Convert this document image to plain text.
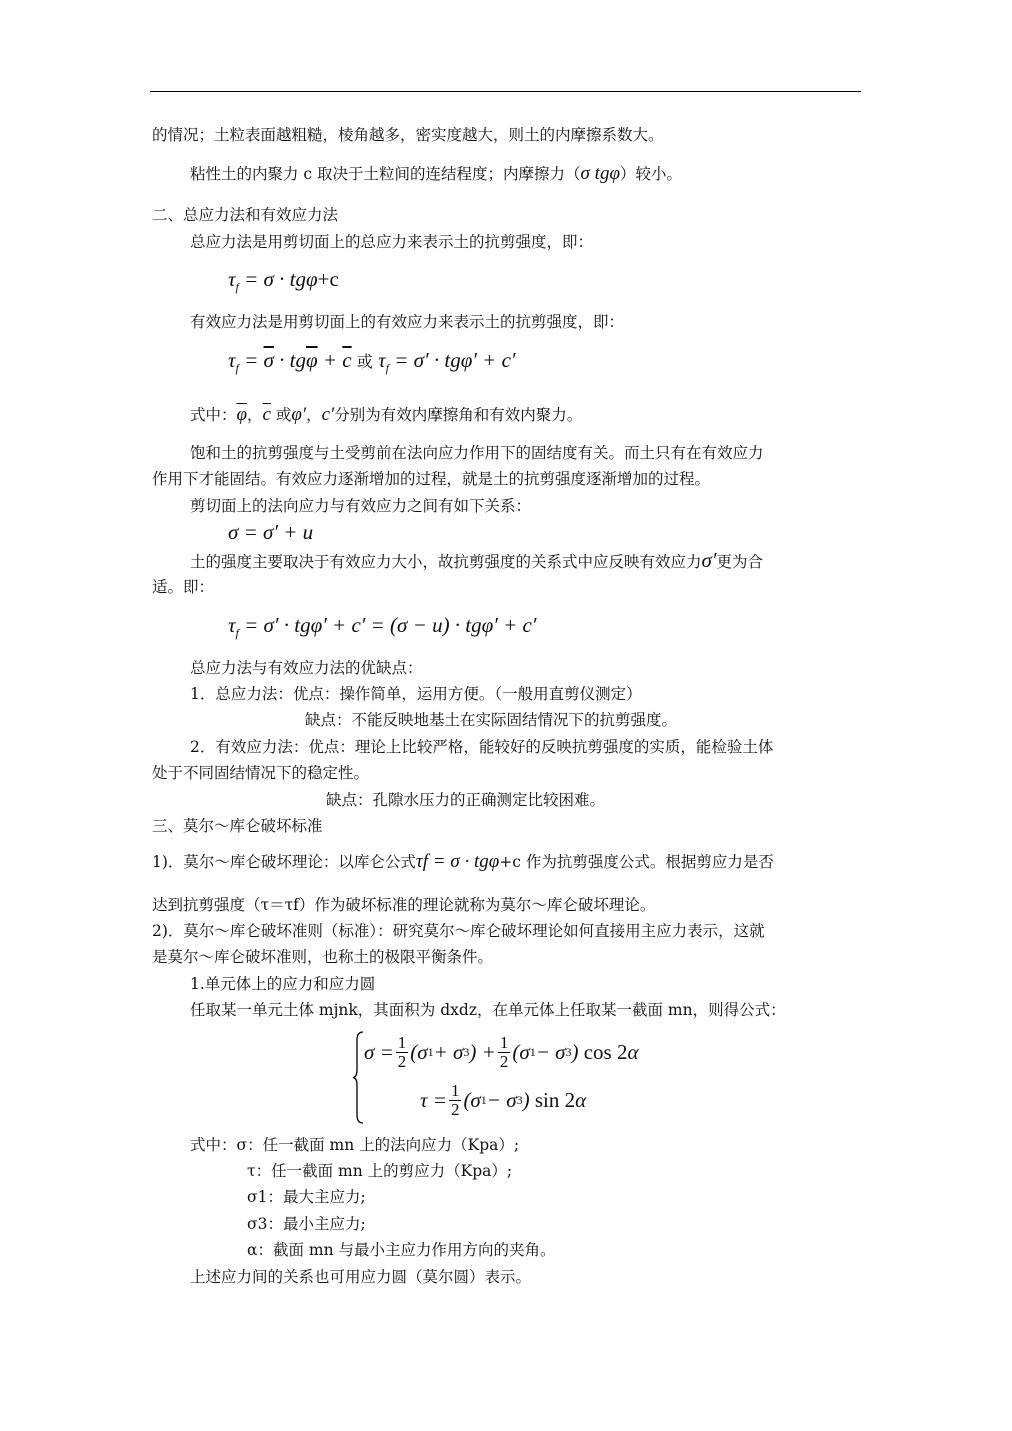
的情况；土粒表面越粗糙，棱角越多，密实度越大，则土的内摩擦系数大。
粘性土的内聚力 c 取决于土粒间的连结程度；内摩擦力（σ tgφ）较小。
二、总应力法和有效应力法
总应力法是用剪切面上的总应力来表示土的抗剪强度，即：
$\tau_f = \sigma \cdot tg\varphi+c$
有效应力法是用剪切面上的有效应力来表示土的抗剪强度，即：
$\tau_f = \overline{\sigma} \cdot tg\overline{\varphi} + \overline{c}$ 或 $\tau_f = \sigma' \cdot tg\varphi' + c'$
式中：$\overline{\varphi}$，$\overline{c}$ 或φ′，c′分别为有效内摩擦角和有效内聚力。
饱和土的抗剪强度与土受剪前在法向应力作用下的固结度有关。而土只有在有效应力
作用下才能固结。有效应力逐渐增加的过程，就是土的抗剪强度逐渐增加的过程。
剪切面上的法向应力与有效应力之间有如下关系：
σ = σ′ + u
土的强度主要取决于有效应力大小，故抗剪强度的关系式中应反映有效应力σ′更为合
适。即：
$\tau_f = \sigma' \cdot tg\varphi' + c' = (\sigma - u) \cdot tg\varphi' + c'$
总应力法与有效应力法的优缺点：
1．总应力法：优点：操作简单，运用方便。（一般用直剪仪测定）
缺点：不能反映地基土在实际固结情况下的抗剪强度。
2．有效应力法：优点：理论上比较严格，能较好的反映抗剪强度的实质，能检验土体
处于不同固结情况下的稳定性。
缺点：孔隙水压力的正确测定比较困难。
三、莫尔～库仑破坏标准
1)．莫尔～库仑破坏理论：以库仑公式τf = σ · tgφ+c 作为抗剪强度公式。根据剪应力是否
达到抗剪强度（τ＝τf）作为破坏标准的理论就称为莫尔～库仑破坏理论。
2)．莫尔～库仑破坏准则（标准）：研究莫尔～库仑破坏理论如何直接用主应力表示，这就
是莫尔～库仑破坏准则，也称土的极限平衡条件。
1.单元体上的应力和应力圆
任取某一单元土体 mjnk，其面积为 dxdz，在单元体上任取某一截面 mn，则得公式：
$\sigma = \frac{1}{2} (\sigma$ 1 + σ 3 ) + $\frac{1}{2} (\sigma$ 1 − σ 3 ) cos 2 α
$\tau = \frac{1}{2} (\sigma$ 1 − σ 3 ) sin 2 α
式中：σ：任一截面 mn 上的法向应力（Kpa）;
τ：任一截面 mn 上的剪应力（Kpa）;
σ1：最大主应力;
σ3：最小主应力;
α：截面 mn 与最小主应力作用方向的夹角。
上述应力间的关系也可用应力圆（莫尔圆）表示。
